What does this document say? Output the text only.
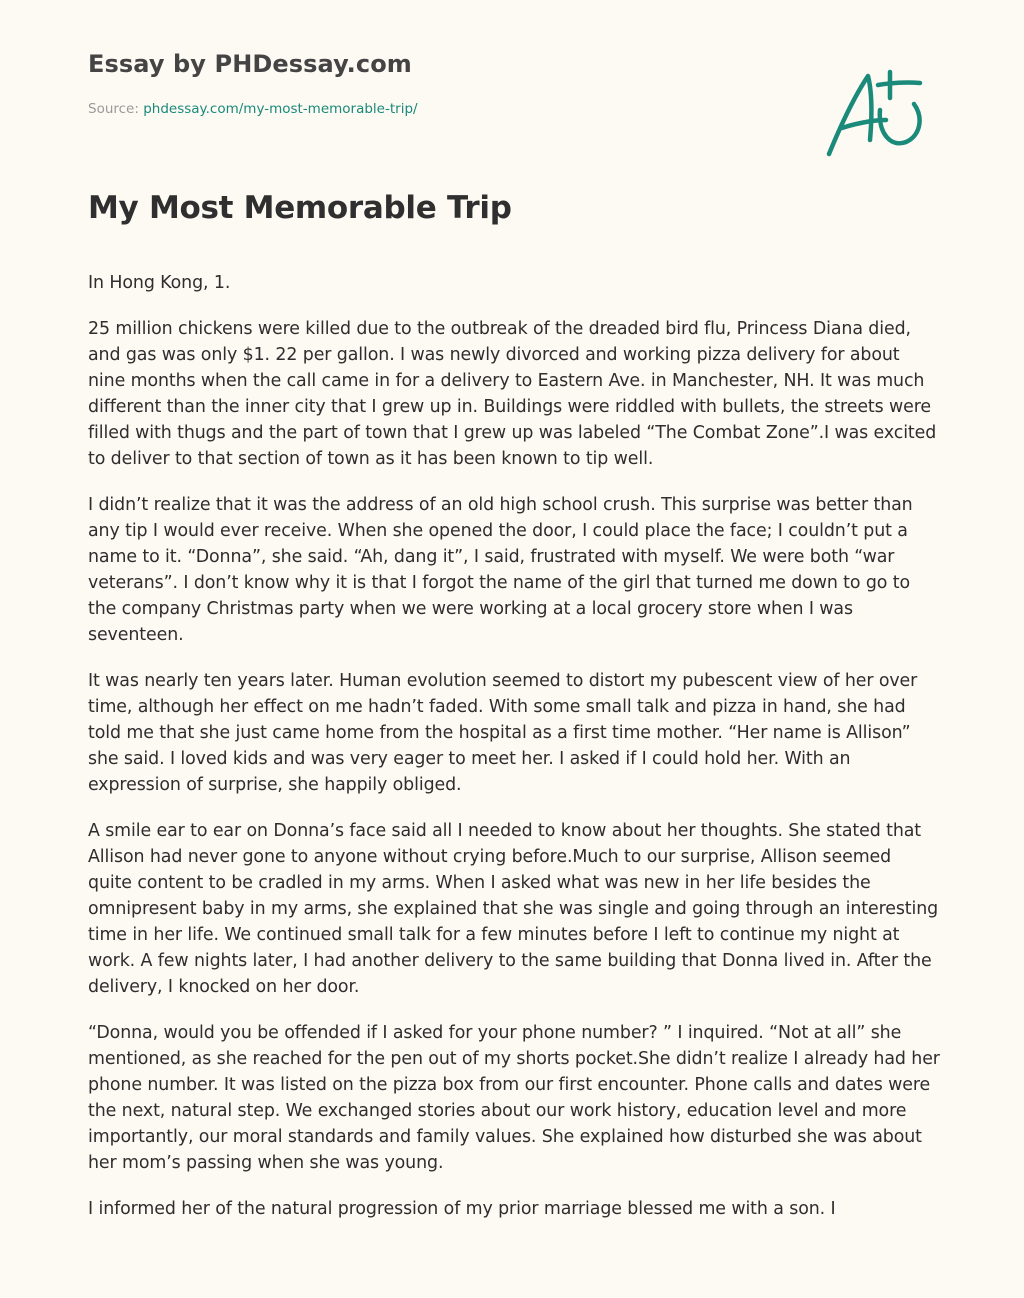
Essay by PHDessay.com
Source: phdessay.com/my-most-memorable-trip/
My Most Memorable Trip

In Hong Kong, 1.

25 million chickens were killed due to the outbreak of the dreaded bird flu, Princess Diana died, and gas was only $1. 22 per gallon. I was newly divorced and working pizza delivery for about nine months when the call came in for a delivery to Eastern Ave. in Manchester, NH. It was much different than the inner city that I grew up in. Buildings were riddled with bullets, the streets were filled with thugs and the part of town that I grew up was labeled “The Combat Zone”.I was excited to deliver to that section of town as it has been known to tip well.

I didn’t realize that it was the address of an old high school crush. This surprise was better than any tip I would ever receive. When she opened the door, I could place the face; I couldn’t put a name to it. “Donna”, she said. “Ah, dang it”, I said, frustrated with myself. We were both “war veterans”. I don’t know why it is that I forgot the name of the girl that turned me down to go to the company Christmas party when we were working at a local grocery store when I was seventeen.

It was nearly ten years later. Human evolution seemed to distort my pubescent view of her over time, although her effect on me hadn’t faded. With some small talk and pizza in hand, she had told me that she just came home from the hospital as a first time mother. “Her name is Allison” she said. I loved kids and was very eager to meet her. I asked if I could hold her. With an expression of surprise, she happily obliged.

A smile ear to ear on Donna’s face said all I needed to know about her thoughts. She stated that Allison had never gone to anyone without crying before.Much to our surprise, Allison seemed quite content to be cradled in my arms. When I asked what was new in her life besides the omnipresent baby in my arms, she explained that she was single and going through an interesting time in her life. We continued small talk for a few minutes before I left to continue my night at work. A few nights later, I had another delivery to the same building that Donna lived in. After the delivery, I knocked on her door.

“Donna, would you be offended if I asked for your phone number? ” I inquired. “Not at all” she mentioned, as she reached for the pen out of my shorts pocket.She didn’t realize I already had her phone number. It was listed on the pizza box from our first encounter. Phone calls and dates were the next, natural step. We exchanged stories about our work history, education level and more importantly, our moral standards and family values. She explained how disturbed she was about her mom’s passing when she was young.

I informed her of the natural progression of my prior marriage blessed me with a son. I
